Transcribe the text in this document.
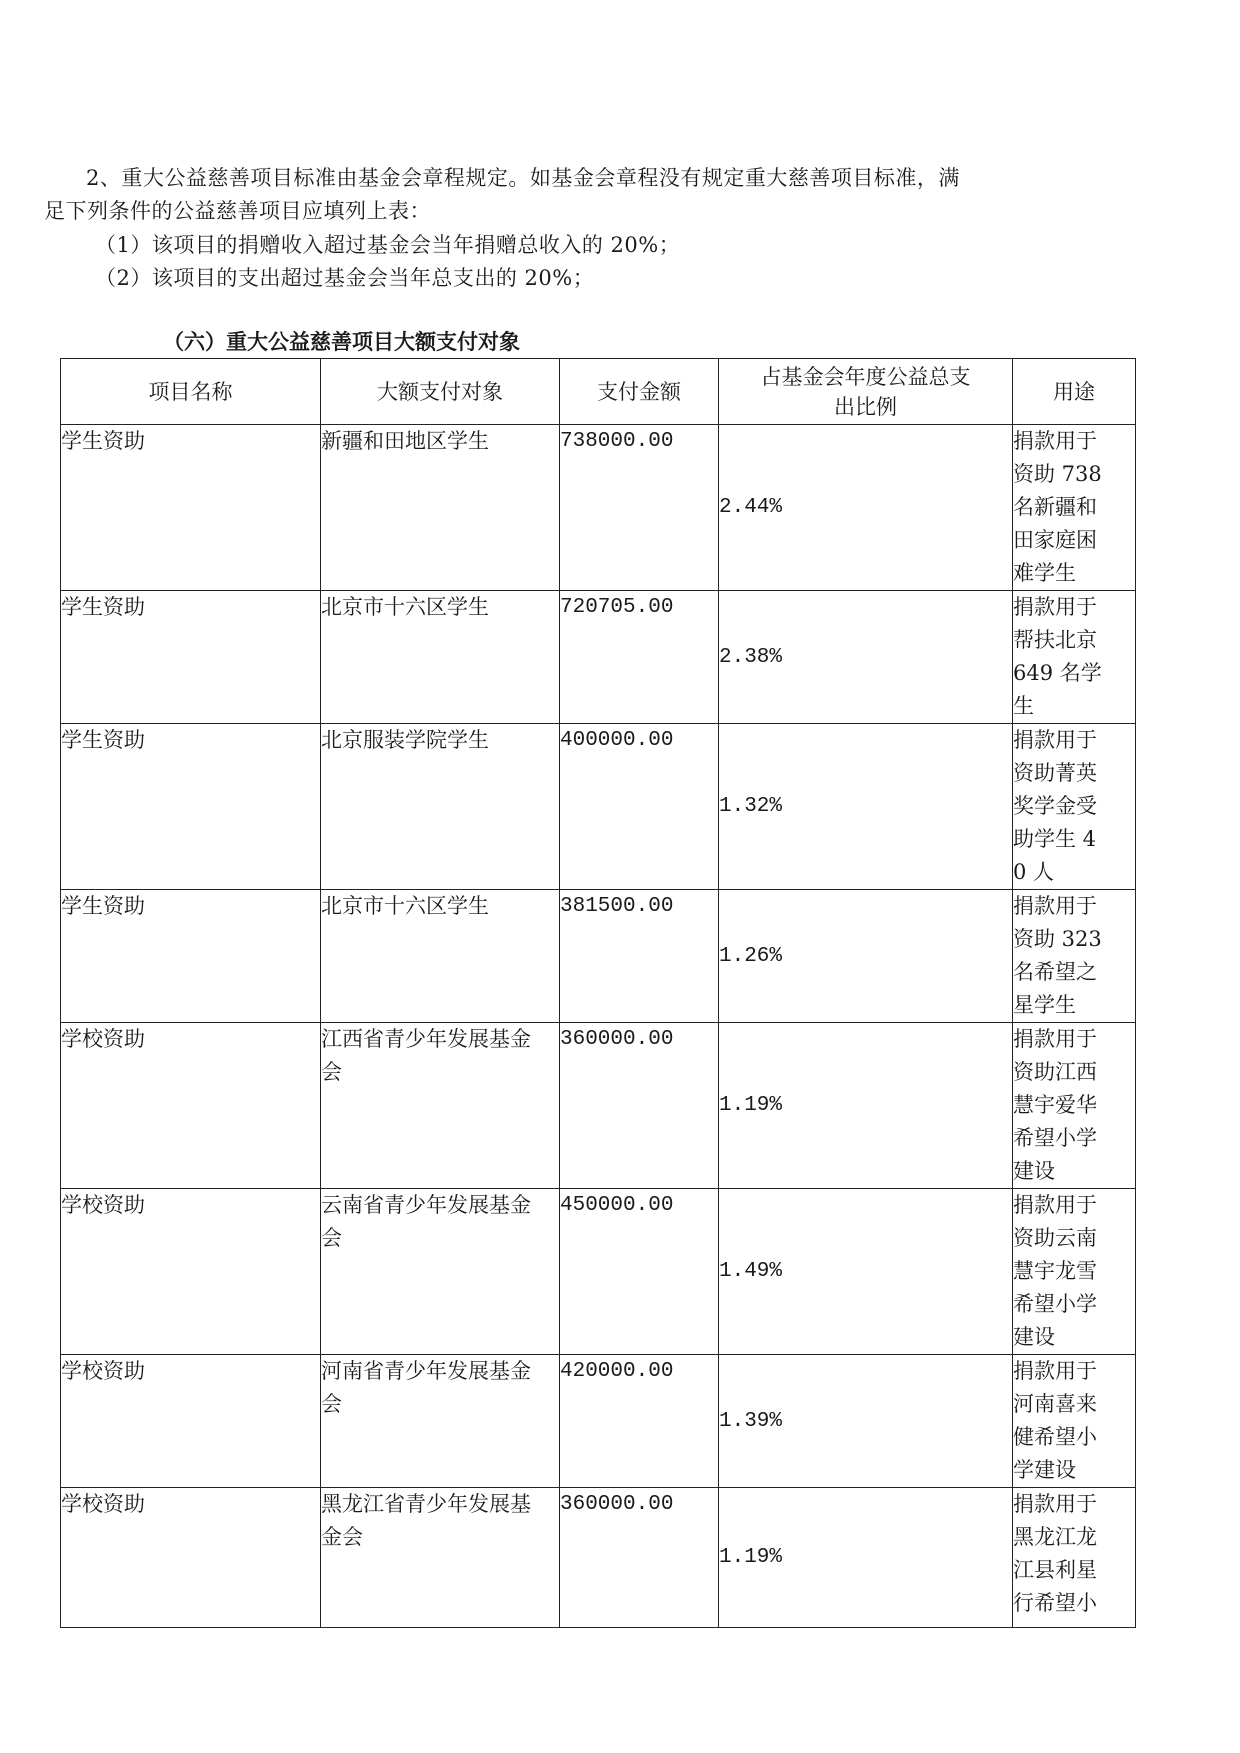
2、重大公益慈善项目标准由基金会章程规定。如基金会章程没有规定重大慈善项目标准，满
足下列条件的公益慈善项目应填列上表：
（1）该项目的捐赠收入超过基金会当年捐赠总收入的 20%；
（2）该项目的支出超过基金会当年总支出的 20%；
（六）重大公益慈善项目大额支付对象
项目名称	大额支付对象	支付金额	占基金会年度公益总支出比例	用途
学生资助	新疆和田地区学生	738000.00	2.44%	捐款用于资助 738 名新疆和田家庭困难学生

学生资助	北京市十六区学生	720705.00	2.38%	捐款用于帮扶北京 649 名学生

学生资助	北京服装学院学生	400000.00	1.32%	捐款用于资助菁英奖学金受助学生 40 人

学生资助	北京市十六区学生	381500.00	1.26%	捐款用于资助 323 名希望之星学生

学校资助	江西省青少年发展基金会	360000.00	1.19%	捐款用于资助江西慧宇爱华希望小学建设

学校资助	云南省青少年发展基金会	450000.00	1.49%	捐款用于资助云南慧宇龙雪希望小学建设

学校资助	河南省青少年发展基金会	420000.00	1.39%	捐款用于河南喜来健希望小学建设

学校资助	黑龙江省青少年发展基金会	360000.00	1.19%	捐款用于黑龙江龙江县利星行希望小
